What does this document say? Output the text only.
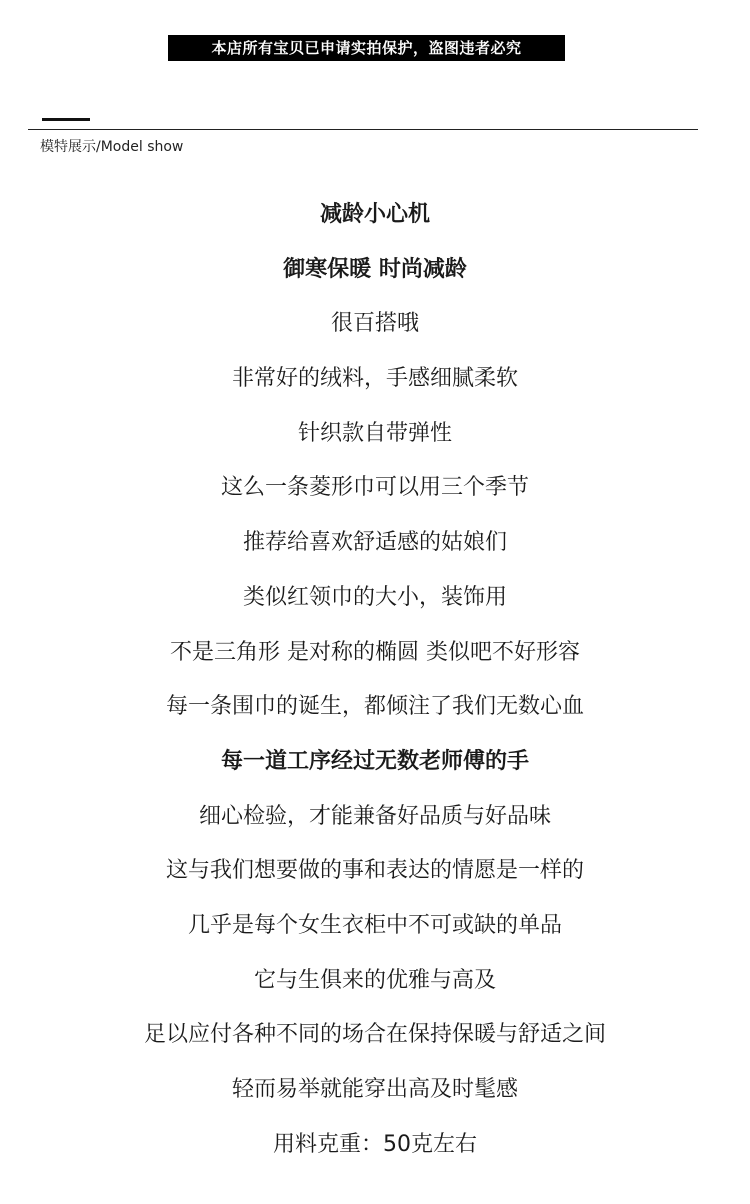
本店所有宝贝已申请实拍保护，盗图违者必究
模特展示/Model show
减龄小心机
御寒保暖 时尚减龄
很百搭哦
非常好的绒料，手感细腻柔软
针织款自带弹性
这么一条菱形巾可以用三个季节
推荐给喜欢舒适感的姑娘们
类似红领巾的大小，装饰用
不是三角形 是对称的椭圆 类似吧不好形容
每一条围巾的诞生，都倾注了我们无数心血
每一道工序经过无数老师傅的手
细心检验，才能兼备好品质与好品味
这与我们想要做的事和表达的情愿是一样的
几乎是每个女生衣柜中不可或缺的单品
它与生俱来的优雅与高及
足以应付各种不同的场合在保持保暖与舒适之间
轻而易举就能穿出高及时髦感
用料克重：50克左右
